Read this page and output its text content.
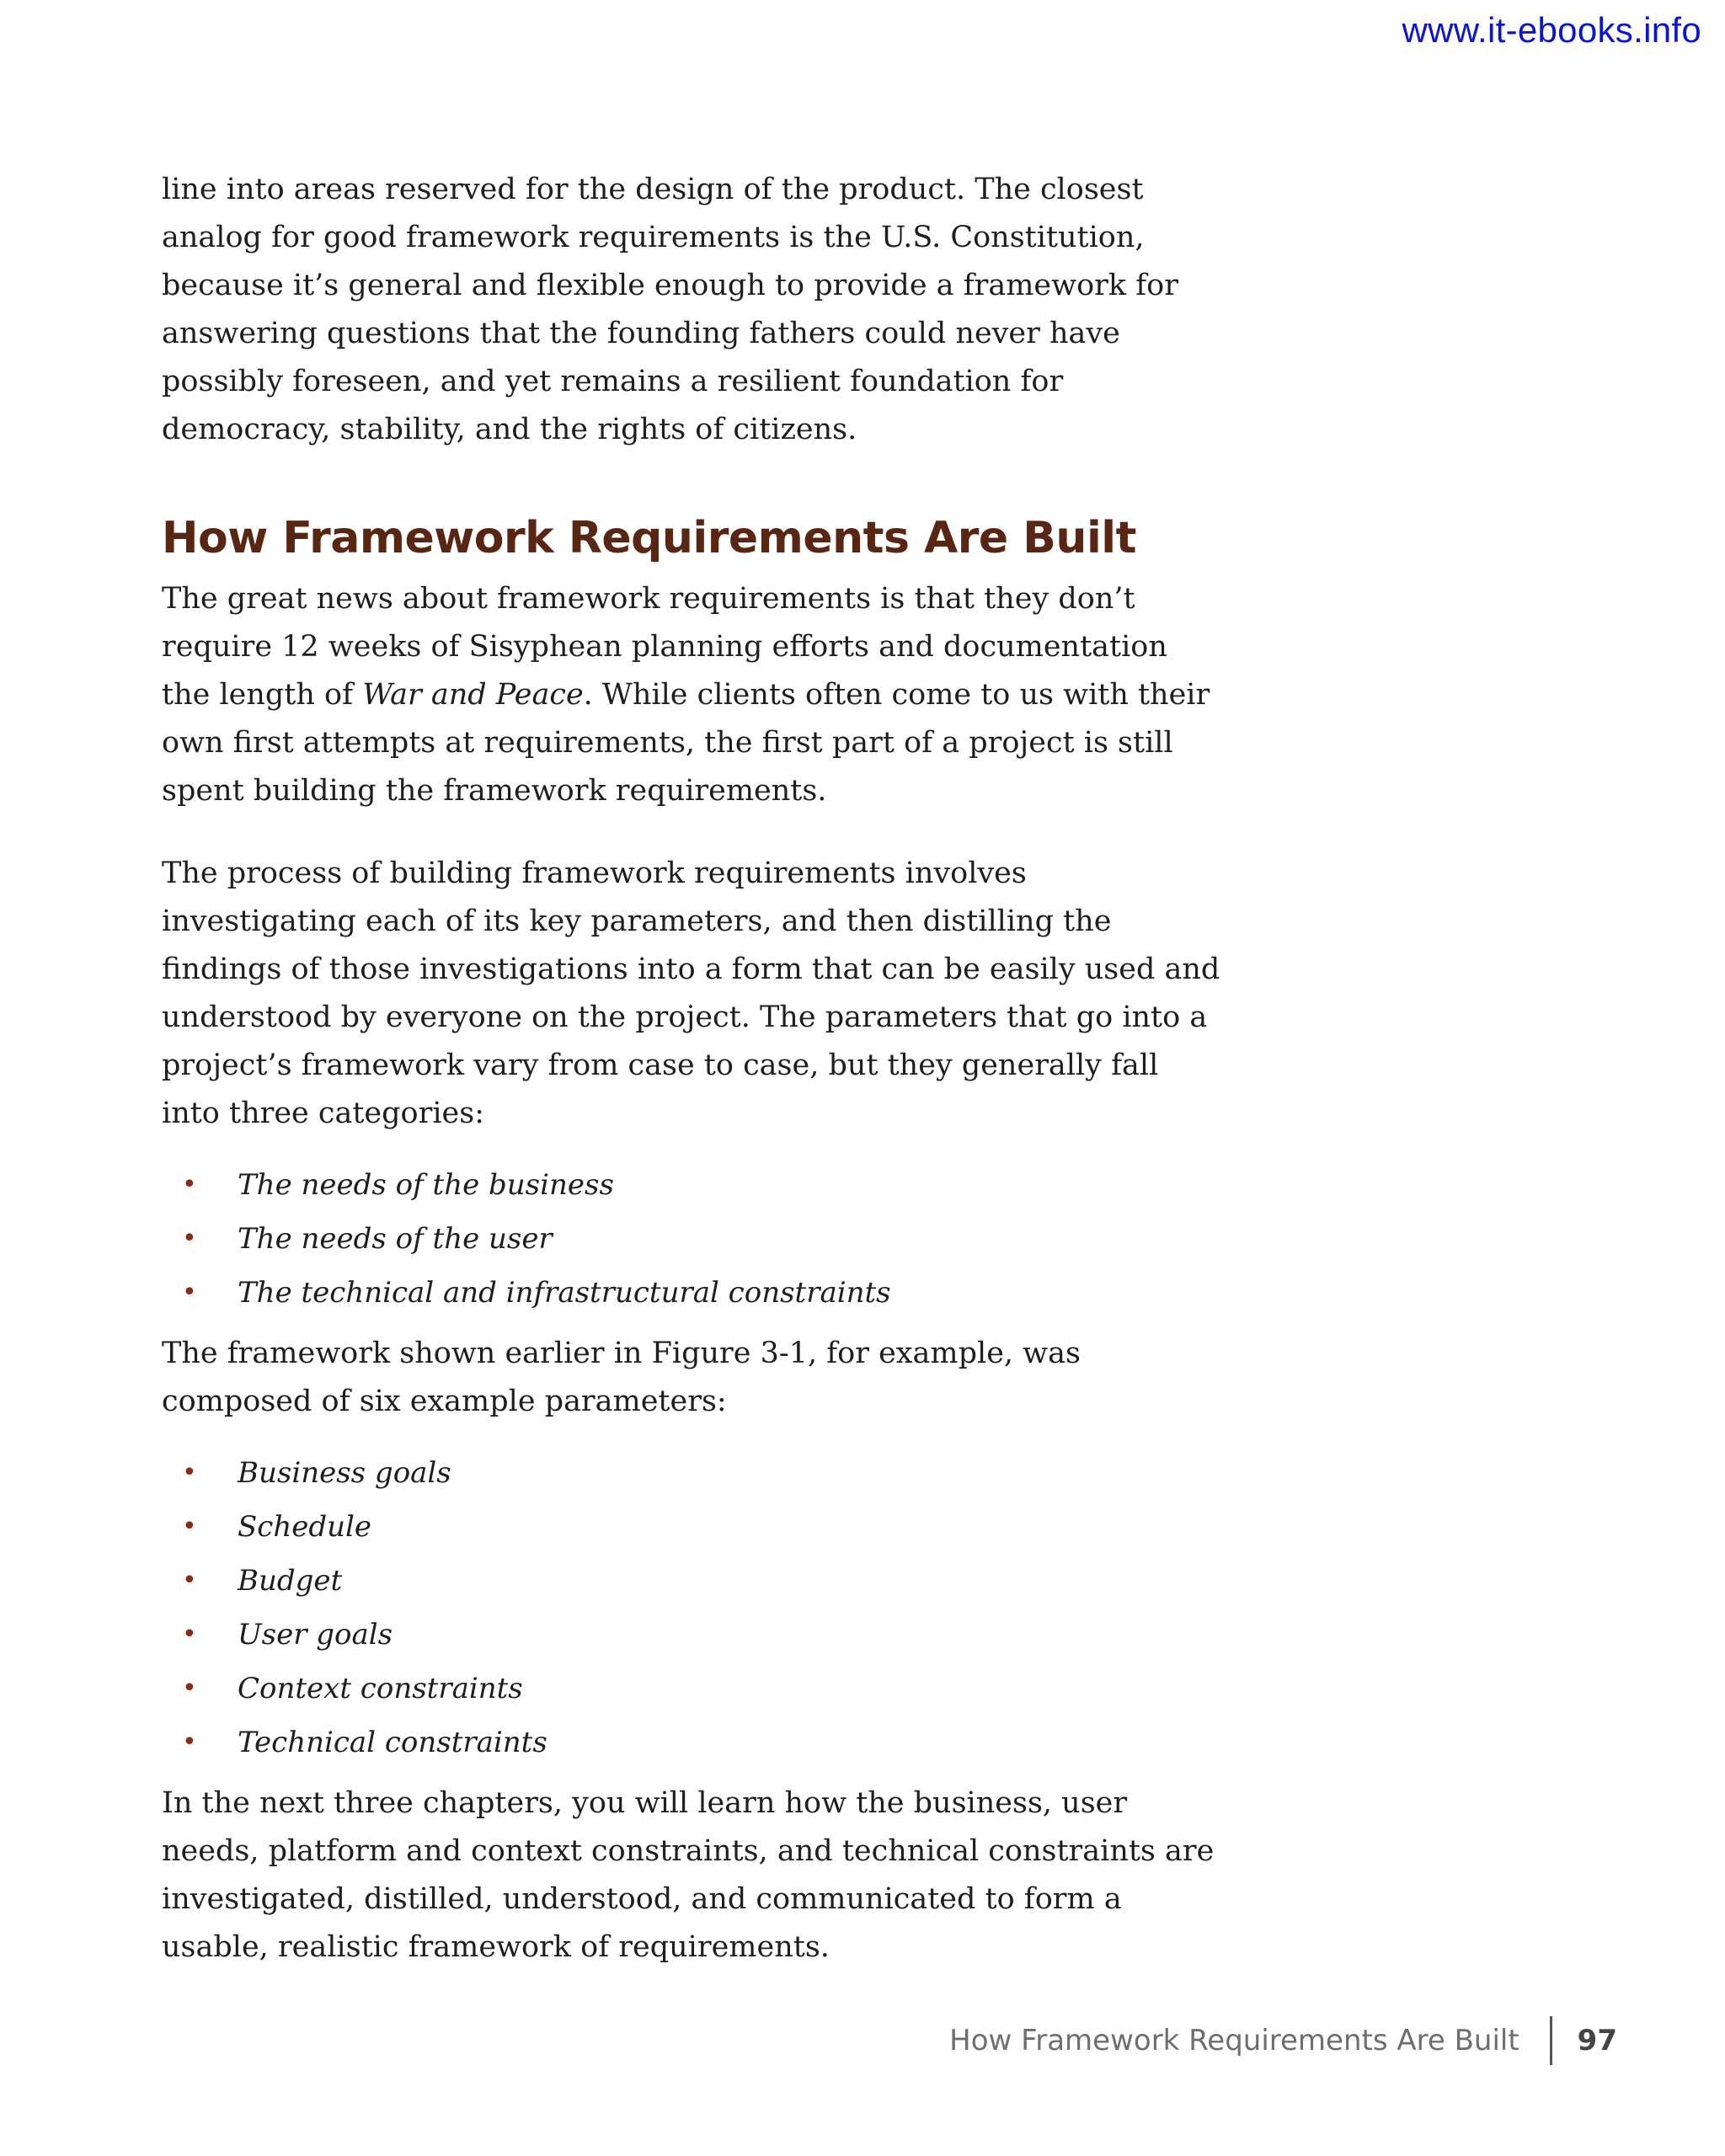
www.it-ebooks.info

line into areas reserved for the design of the product. The closest analog for good framework requirements is the U.S. Constitution, because it’s general and flexible enough to provide a framework for answering questions that the founding fathers could never have possibly foreseen, and yet remains a resilient foundation for democracy, stability, and the rights of citizens.

How Framework Requirements Are Built

The great news about framework requirements is that they don’t require 12 weeks of Sisyphean planning efforts and documentation the length of War and Peace. While clients often come to us with their own first attempts at requirements, the first part of a project is still spent building the framework requirements.

The process of building framework requirements involves investigating each of its key parameters, and then distilling the findings of those investigations into a form that can be easily used and understood by everyone on the project. The parameters that go into a project’s framework vary from case to case, but they generally fall into three categories:

• The needs of the business
• The needs of the user
• The technical and infrastructural constraints

The framework shown earlier in Figure 3-1, for example, was composed of six example parameters:

• Business goals
• Schedule
• Budget
• User goals
• Context constraints
• Technical constraints

In the next three chapters, you will learn how the business, user needs, platform and context constraints, and technical constraints are investigated, distilled, understood, and communicated to form a usable, realistic framework of requirements.

How Framework Requirements Are Built 97
